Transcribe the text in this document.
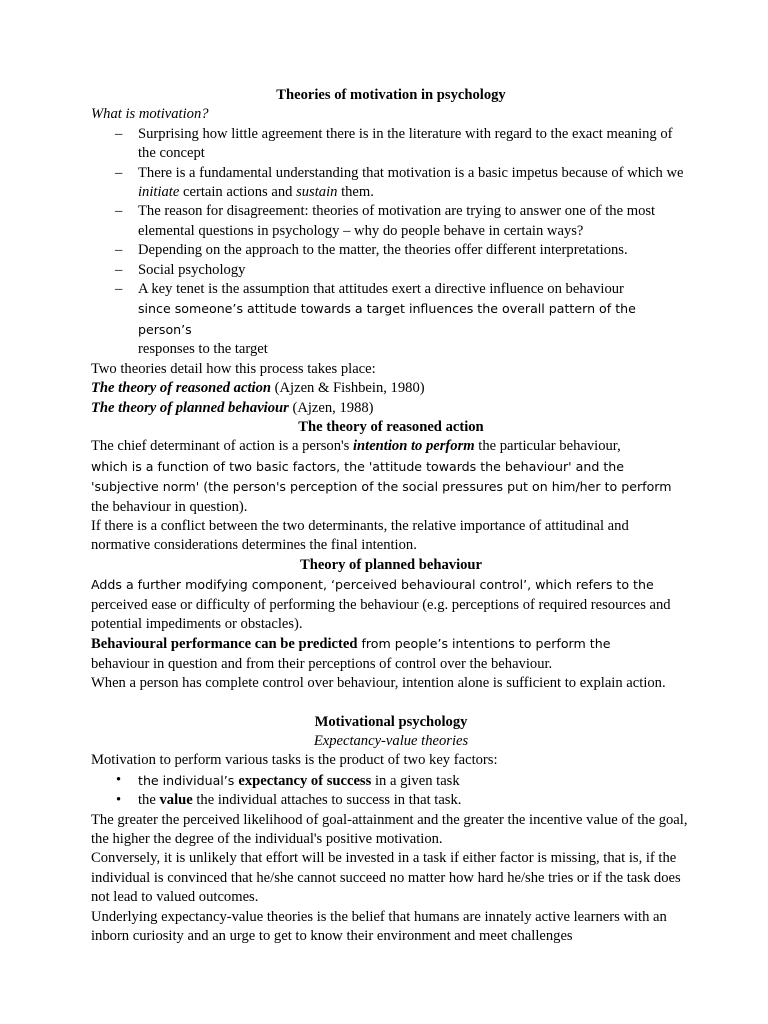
Theories of motivation in psychology

What is motivation?

– Surprising how little agreement there is in the literature with regard to the exact meaning of the concept
– There is a fundamental understanding that motivation is a basic impetus because of which we initiate certain actions and sustain them.
– The reason for disagreement: theories of motivation are trying to answer one of the most elemental questions in psychology – why do people behave in certain ways?
– Depending on the approach to the matter, the theories offer different interpretations.
– Social psychology
– A key tenet is the assumption that attitudes exert a directive influence on behaviour
since someone’s attitude towards a target influences the overall pattern of the person’s
responses to the target

Two theories detail how this process takes place:

The theory of reasoned action (Ajzen & Fishbein, 1980)

The theory of planned behaviour (Ajzen, 1988)

The theory of reasoned action

The chief determinant of action is a person's intention to perform the particular behaviour,
which is a function of two basic factors, the 'attitude towards the behaviour' and the
'subjective norm' (the person's perception of the social pressures put on him/her to perform
the behaviour in question).

If there is a conflict between the two determinants, the relative importance of attitudinal and normative considerations determines the final intention.

Theory of planned behaviour

Adds a further modifying component, ‘perceived behavioural control’, which refers to the
perceived ease or difficulty of performing the behaviour (e.g. perceptions of required resources and potential impediments or obstacles).

Behavioural performance can be predicted from people’s intentions to perform the
behaviour in question and from their perceptions of control over the behaviour.

When a person has complete control over behaviour, intention alone is sufficient to explain action.

Motivational psychology

Expectancy-value theories

Motivation to perform various tasks is the product of two key factors:

• the individual’s expectancy of success in a given task
• the value the individual attaches to success in that task.

The greater the perceived likelihood of goal-attainment and the greater the incentive value of the goal, the higher the degree of the individual's positive motivation.

Conversely, it is unlikely that effort will be invested in a task if either factor is missing, that is, if the individual is convinced that he/she cannot succeed no matter how hard he/she tries or if the task does not lead to valued outcomes.

Underlying expectancy-value theories is the belief that humans are innately active learners with an inborn curiosity and an urge to get to know their environment and meet challenges
